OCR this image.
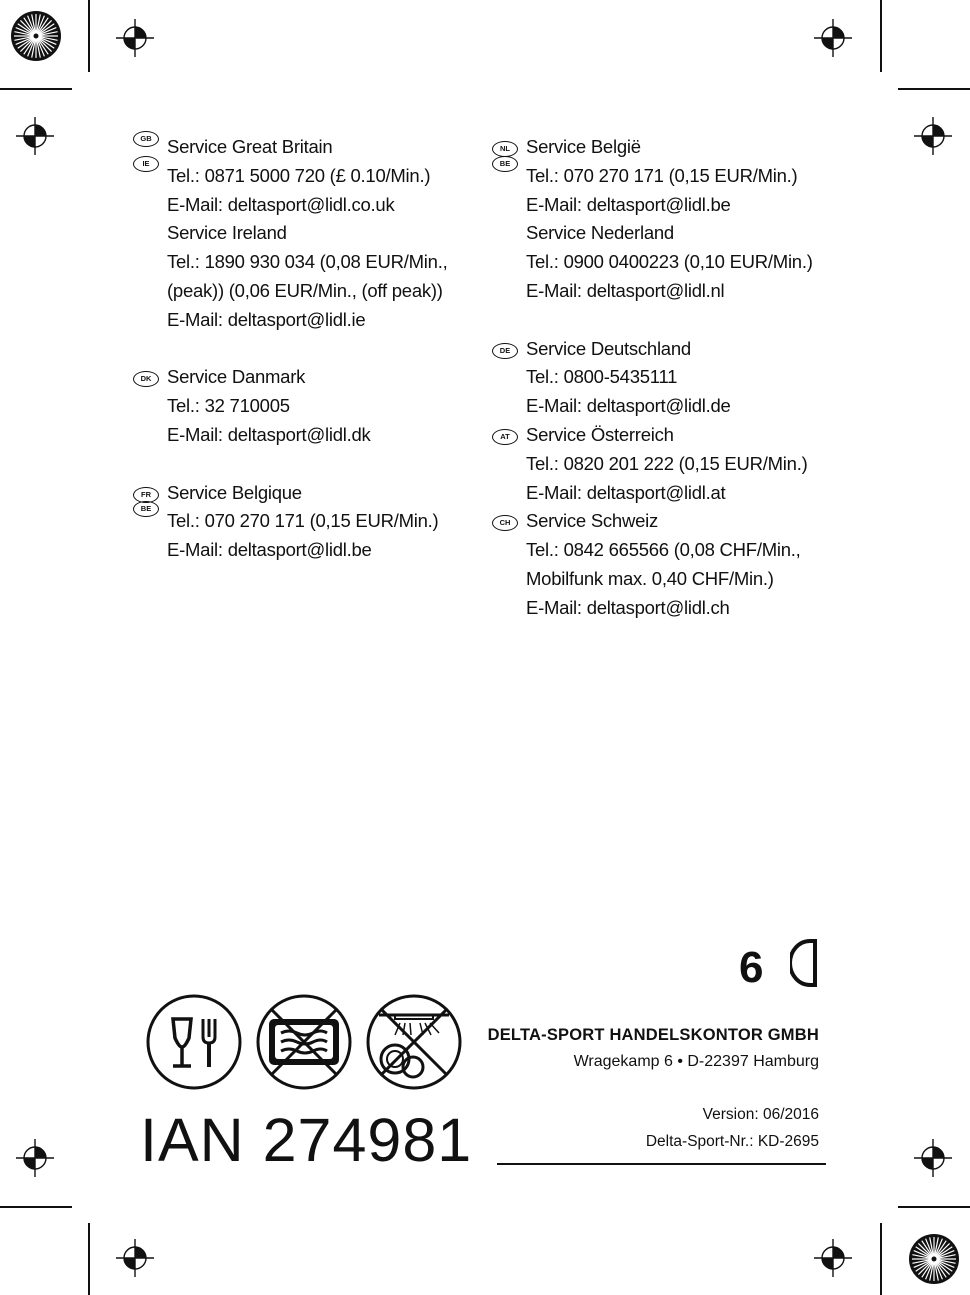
GB Service Great Britain
IE
Tel.: 0871 5000 720 (£ 0.10/Min.)
E-Mail: deltasport@lidl.co.uk
Service Ireland
Tel.: 1890 930 034 (0,08 EUR/Min.,
(peak)) (0,06 EUR/Min., (off peak))
E-Mail: deltasport@lidl.ie
DK Service Danmark
Tel.: 32 710005
E-Mail: deltasport@lidl.dk
FR Service Belgique
BE
Tel.: 070 270 171 (0,15 EUR/Min.)
E-Mail: deltasport@lidl.be
NL Service België
BE
Tel.: 070 270 171 (0,15 EUR/Min.)
E-Mail: deltasport@lidl.be
Service Nederland
Tel.: 0900 0400223 (0,10 EUR/Min.)
E-Mail: deltasport@lidl.nl
DE Service Deutschland
Tel.: 0800-5435111
E-Mail: deltasport@lidl.de
AT Service Österreich
Tel.: 0820 201 222 (0,15 EUR/Min.)
E-Mail: deltasport@lidl.at
CH Service Schweiz
Tel.: 0842 665566 (0,08 CHF/Min.,
Mobilfunk max. 0,40 CHF/Min.)
E-Mail: deltasport@lidl.ch
6
DELTA-SPORT HANDELSKONTOR GMBH
Wragekamp 6 • D-22397 Hamburg
Version: 06/2016
Delta-Sport-Nr.: KD-2695
IAN 274981
